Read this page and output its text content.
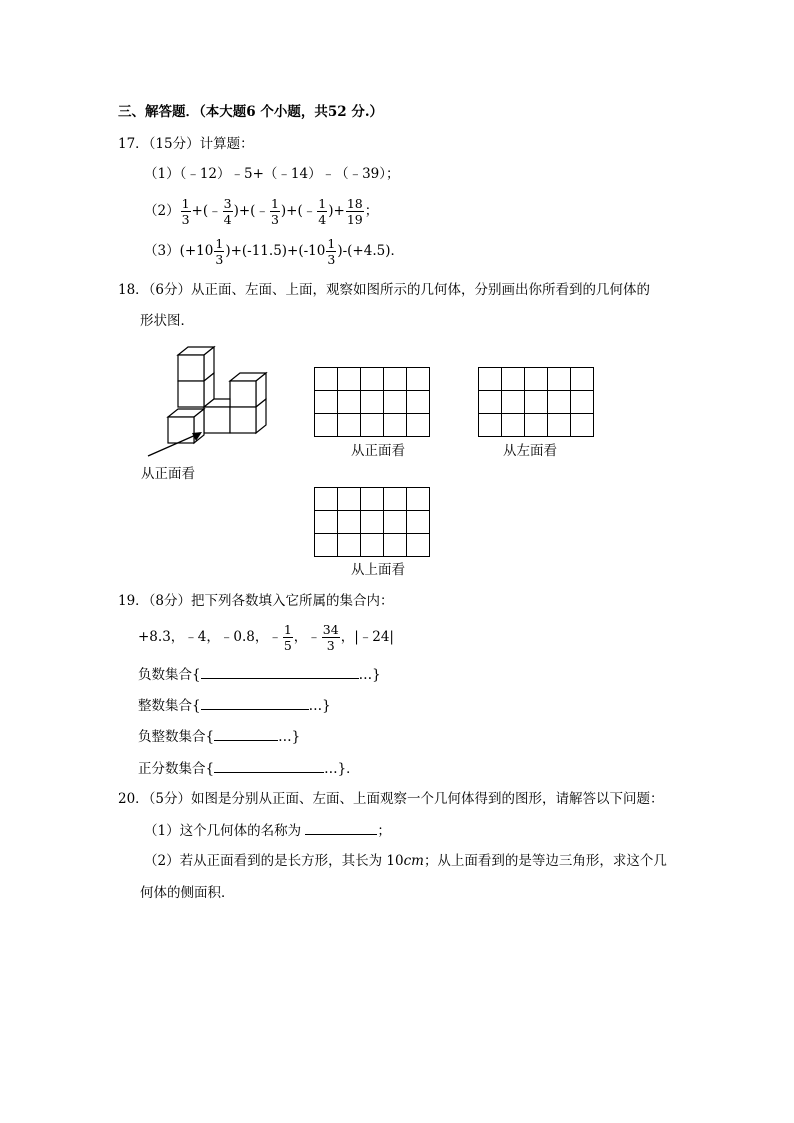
三、解答题．（本大题6 个小题，共52 分.）
17．（15分）计算题：
（1）（﹣12）﹣5+（﹣14）﹣（﹣39）；
$(2) \frac{1}{3}$ +(﹣ $\frac{3}{4}$ )+(﹣ $\frac{1}{3}$ )+(﹣ $\frac{1}{4}$ )+ $\frac{18}{19}$ ；
$(3)(+10 \frac{1}{3} )+(-11.5)+(-10 \frac{1}{3} )-(+4.5)$．
18．（6分）从正面、左面、上面，观察如图所示的几何体，分别画出你所看到的几何体的
形状图．
从正面看
从正面看	从左面看
从上面看
19．（8分）把下列各数填入它所属的集合内：
+8.3，﹣4，﹣0.8，﹣ $\frac{1}{5}$ ，﹣ $\frac{34}{3}$ ，|﹣24|
负数集合{	…}
整数集合{	…}
负整数集合{	…}
正分数集合{	…}．
20．（5分）如图是分别从正面、左面、上面观察一个几何体得到的图形，请解答以下问题：
（1）这个几何体的名称为	；
（2）若从正面看到的是长方形，其长为 10cm；从上面看到的是等边三角形，求这个几
何体的侧面积．
